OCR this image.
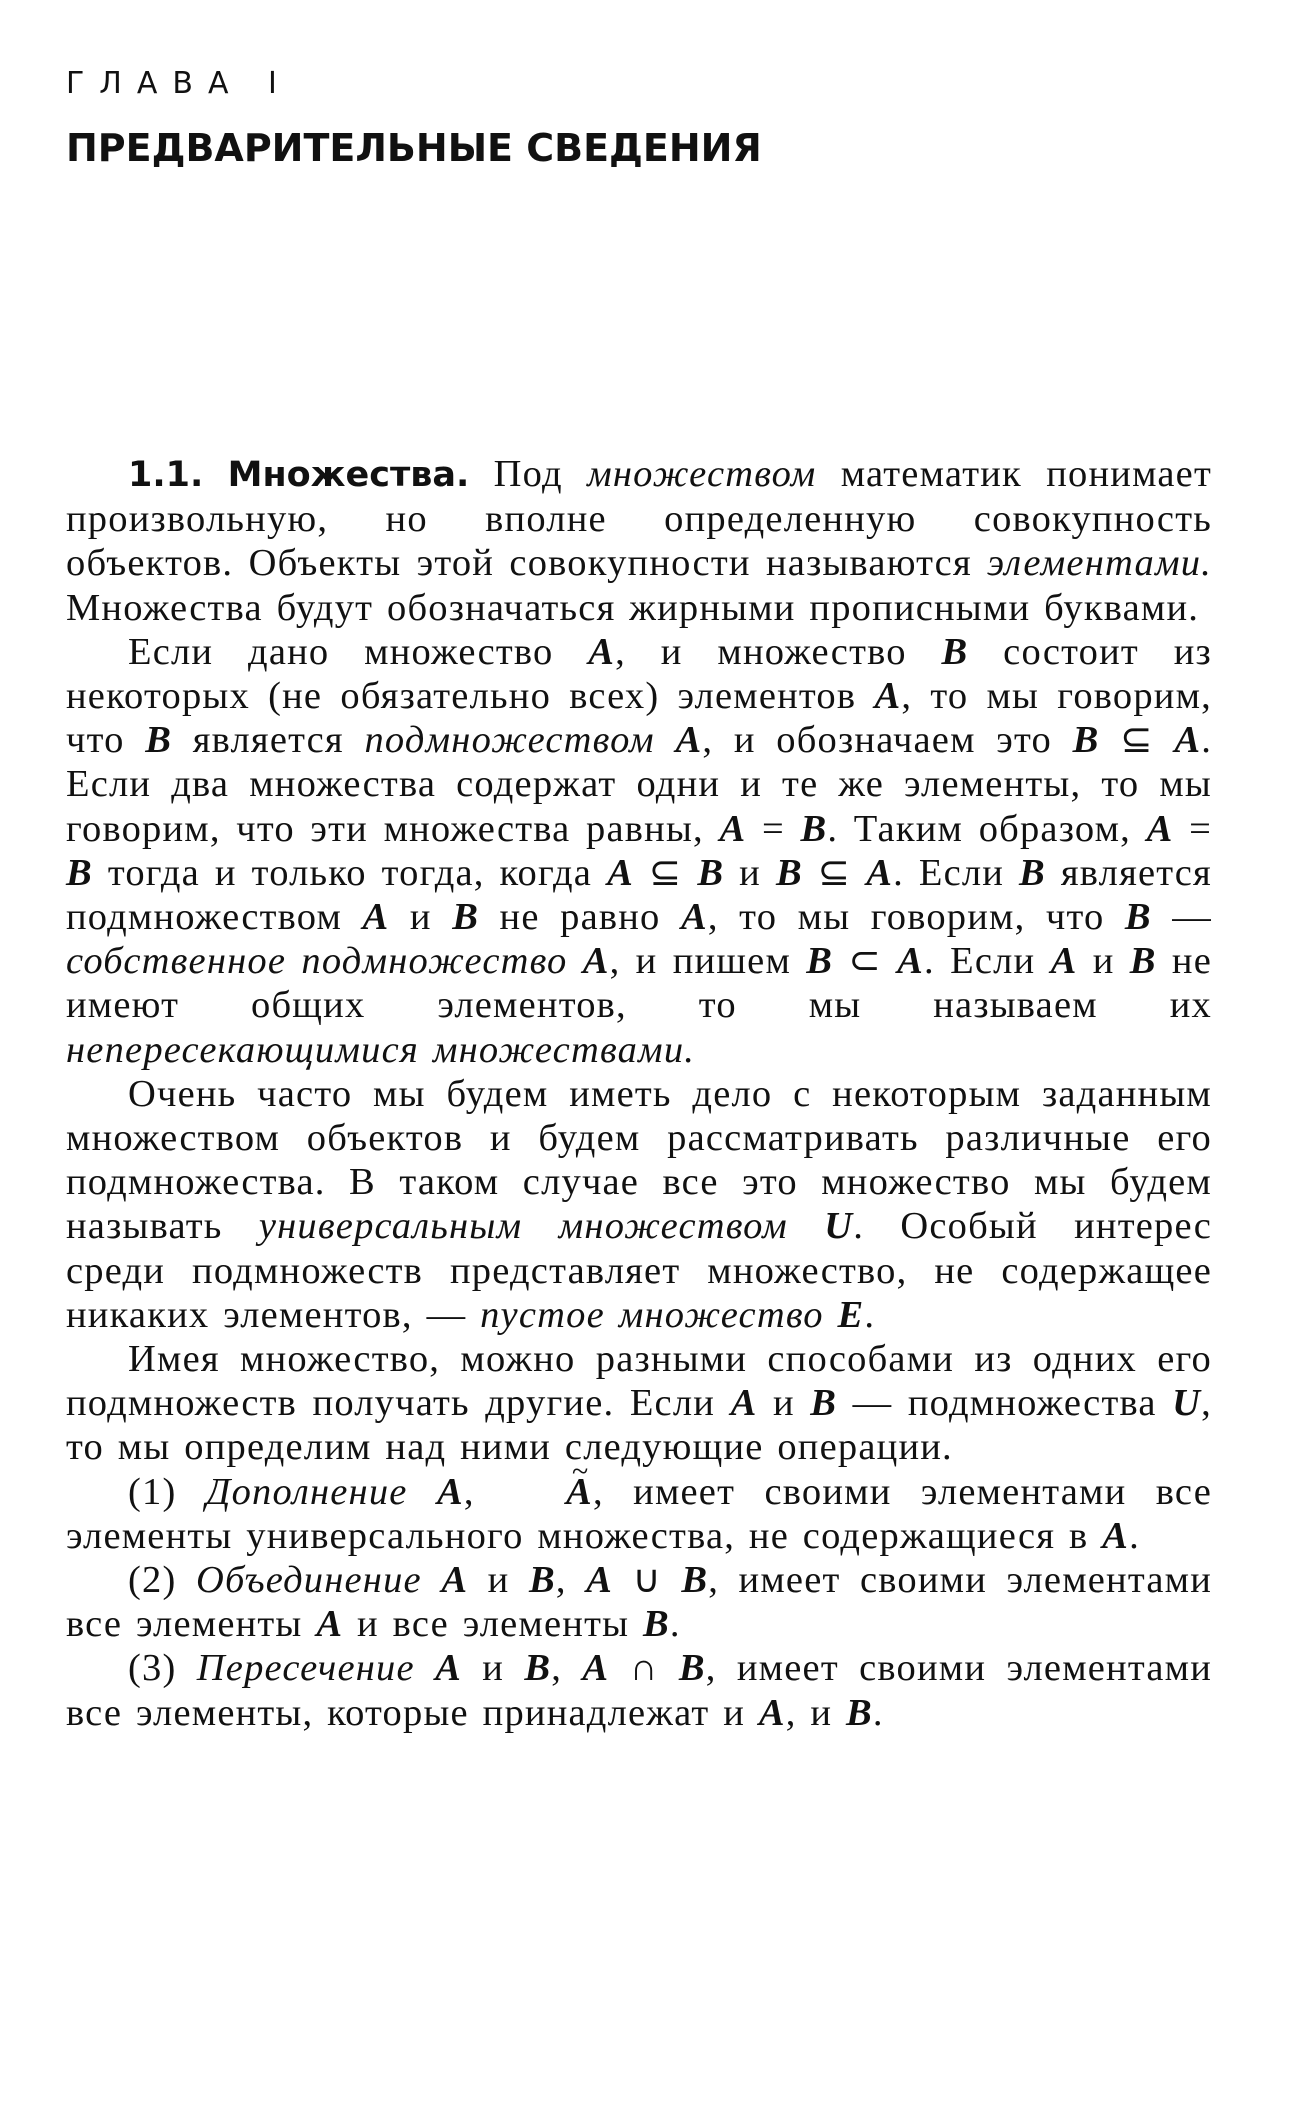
ГЛАВА I
ПРЕДВАРИТЕЛЬНЫЕ СВЕДЕНИЯ

1.1. Множества. Под множеством математик понимает произвольную, но вполне определенную совокупность объектов. Объекты этой совокупности называются элементами. Множества будут обозначаться жирными прописными буквами.

Если дано множество A, и множество B состоит из некоторых (не обязательно всех) элементов A, то мы говорим, что B является подмножеством A, и обозначаем это B ⊆ A. Если два множества содержат одни и те же элементы, то мы говорим, что эти множества равны, A = B. Таким образом, A = B тогда и только тогда, когда A ⊆ B и B ⊆ A. Если B является подмножеством A и B не равно A, то мы говорим, что B — собственное подмножество A, и пишем B ⊂ A. Если A и B не имеют общих элементов, то мы называем их непересекающимися множествами.

Очень часто мы будем иметь дело с некоторым заданным множеством объектов и будем рассматривать различные его подмножества. В таком случае все это множество мы будем называть универсальным множеством U. Особый интерес среди подмножеств представляет множество, не содержащее никаких элементов, — пустое множество E.

Имея множество, можно разными способами из одних его подмножеств получать другие. Если A и B — подмножества U, то мы определим над ними следующие операции.

(1) Дополнение A, ~ A, имеет своими элементами все элементы универсального множества, не содержащиеся в A.

(2) Объединение A и B, A ∪ B, имеет своими элементами все элементы A и все элементы B.

(3) Пересечение A и B, A ∩ B, имеет своими элементами все элементы, которые принадлежат и A, и B.
